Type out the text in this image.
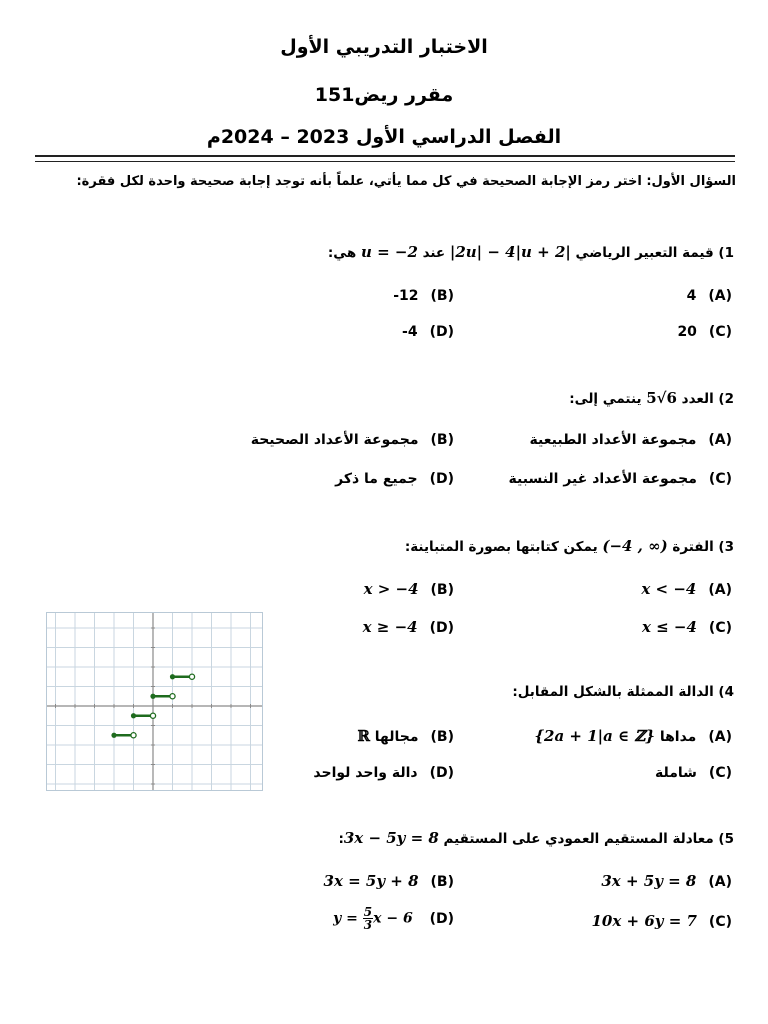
الاختبار التدريبي الأول
مقرر ريض151
الفصل الدراسي الأول 2023 – 2024م
السؤال الأول: اختر رمز الإجابة الصحيحة في كل مما يأتي، علماً بأنه توجد إجابة صحيحة واحدة لكل فقرة:
1) قيمة التعبير الرياضي |2u| − 4|u + 2| عند u = −2 هي:
(A)4
(B)-12
(C)20
(D)-4
2) العدد 5√6 ينتمي إلى:
(A)مجموعة الأعداد الطبيعية
(B)مجموعة الأعداد الصحيحة
(C)مجموعة الأعداد غير النسبية
(D)جميع ما ذكر
3) الفترة (−4 , ∞) يمكن كتابتها بصورة المتباينة:
(A)x < −4
(B)x > −4
(C)x ≤ −4
(D)x ≥ −4
4) الدالة الممثلة بالشكل المقابل:
(A)مداها {2a + 1|a ∈ ℤ}
(B)مجالها ℝ
(C)شاملة
(D)دالة واحد لواحد
5) معادلة المستقيم العمودي على المستقيم 3x − 5y = 8:
(A)3x + 5y = 8
(B)3x = 5y + 8
(C)10x + 6y = 7
(D) $y = \frac{5}{3}$ x − 6
